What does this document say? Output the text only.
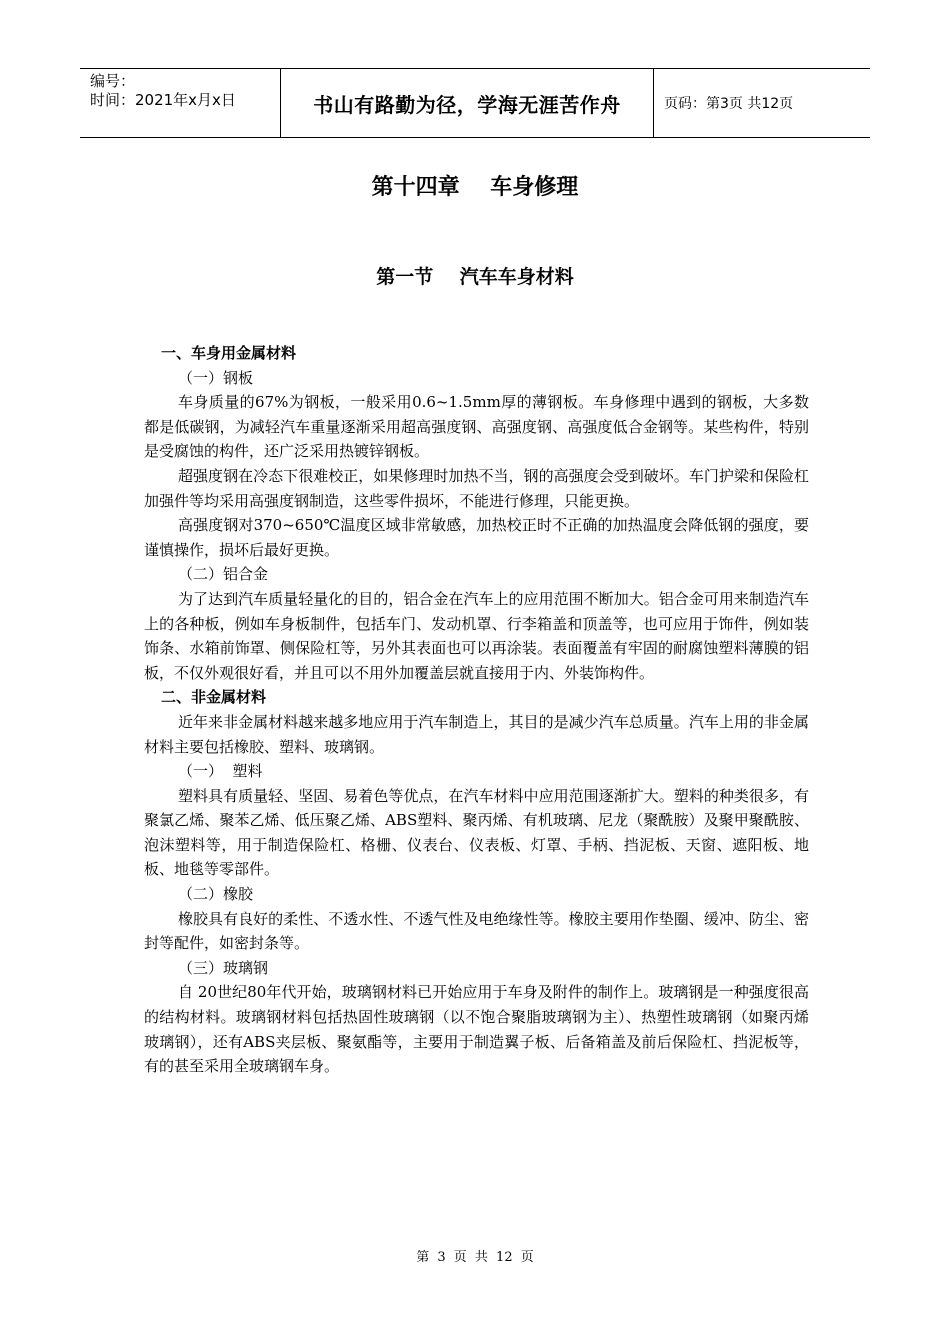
编号：
时间：2021年x月x日	书山有路勤为径，学海无涯苦作舟	页码：第3页 共12页
第十四章    车身修理
第一节    汽车车身材料

一、车身用金属材料

（一）钢板

车身质量的67%为钢板，一般采用0.6~1.5mm厚的薄钢板。车身修理中遇到的钢板，大多数都是低碳钢，为减轻汽车重量逐渐采用超高强度钢、高强度钢、高强度低合金钢等。某些构件，特别是受腐蚀的构件，还广泛采用热镀锌钢板。

超强度钢在冷态下很难校正，如果修理时加热不当，钢的高强度会受到破坏。车门护梁和保险杠加强件等均采用高强度钢制造，这些零件损坏，不能进行修理，只能更换。

高强度钢对370~650℃温度区域非常敏感，加热校正时不正确的加热温度会降低钢的强度，要谨慎操作，损坏后最好更换。

（二）铝合金

为了达到汽车质量轻量化的目的，铝合金在汽车上的应用范围不断加大。铝合金可用来制造汽车上的各种板，例如车身板制件，包括车门、发动机罩、行李箱盖和顶盖等，也可应用于饰件，例如装饰条、水箱前饰罩、侧保险杠等，另外其表面也可以再涂装。表面覆盖有牢固的耐腐蚀塑料薄膜的铝板，不仅外观很好看，并且可以不用外加覆盖层就直接用于内、外装饰构件。

二、非金属材料

近年来非金属材料越来越多地应用于汽车制造上，其目的是减少汽车总质量。汽车上用的非金属材料主要包括橡胶、塑料、玻璃钢。

（一）  塑料

塑料具有质量轻、坚固、易着色等优点，在汽车材料中应用范围逐渐扩大。塑料的种类很多，有聚氯乙烯、聚苯乙烯、低压聚乙烯、ABS塑料、聚丙烯、有机玻璃、尼龙（聚酰胺）及聚甲聚酰胺、泡沫塑料等，用于制造保险杠、格栅、仪表台、仪表板、灯罩、手柄、挡泥板、天窗、遮阳板、地板、地毯等零部件。

（二）橡胶

橡胶具有良好的柔性、不透水性、不透气性及电绝缘性等。橡胶主要用作垫圈、缓冲、防尘、密封等配件，如密封条等。

（三）玻璃钢

自 20世纪80年代开始，玻璃钢材料已开始应用于车身及附件的制作上。玻璃钢是一种强度很高的结构材料。玻璃钢材料包括热固性玻璃钢（以不饱合聚脂玻璃钢为主）、热塑性玻璃钢（如聚丙烯玻璃钢），还有ABS夹层板、聚氨酯等，主要用于制造翼子板、后备箱盖及前后保险杠、挡泥板等，有的甚至采用全玻璃钢车身。

第 3 页 共 12 页
